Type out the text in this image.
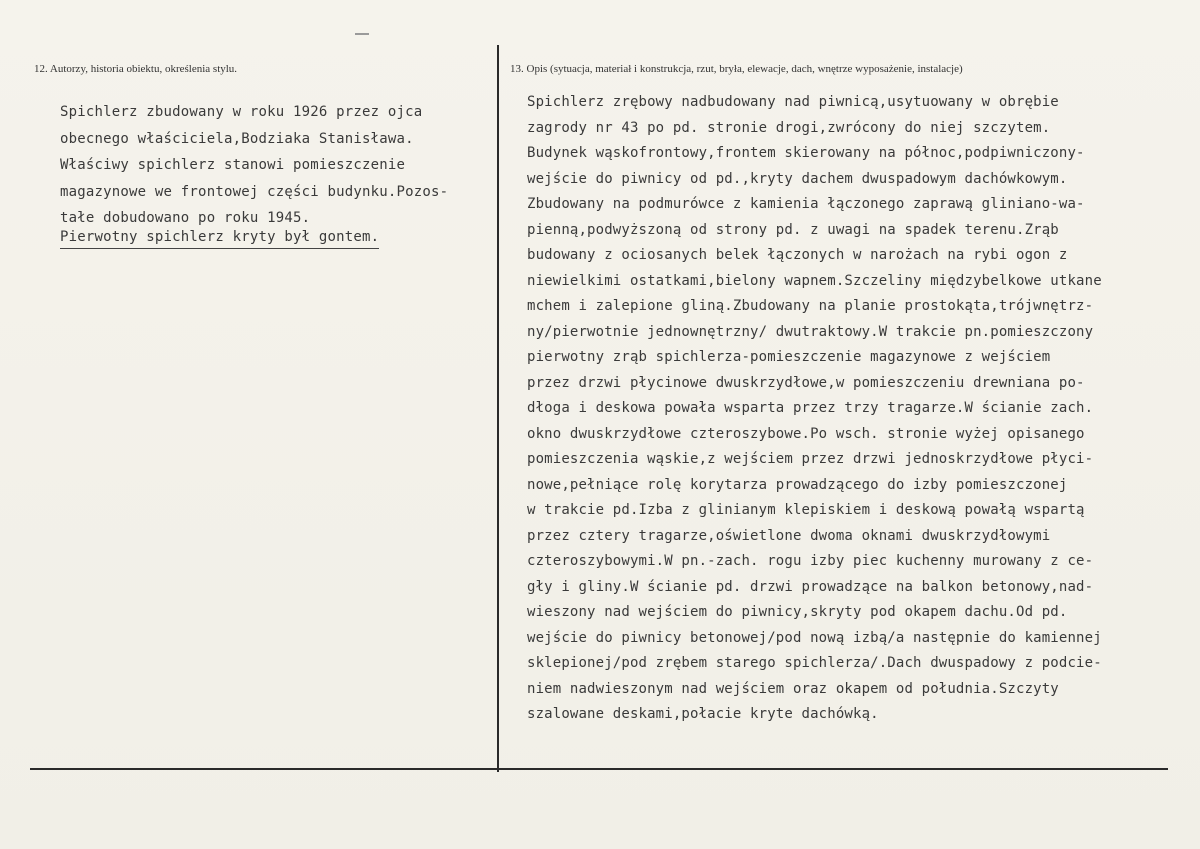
12. Autorzy, historia obiektu, określenia stylu.	13. Opis (sytuacja, materiał i konstrukcja, rzut, bryła, elewacje, dach, wnętrze wyposażenie, instalacje)
Spichlerz zbudowany w roku 1926 przez ojca
obecnego właściciela,Bodziaka Stanisława.
Właściwy spichlerz stanowi pomieszczenie
magazynowe we frontowej części budynku.Pozos-
tałe dobudowano po roku 1945.
Pierwotny spichlerz kryty był gontem.
Spichlerz zrębowy nadbudowany nad piwnicą,usytuowany w obrębie
zagrody nr 43 po pd. stronie drogi,zwrócony do niej szczytem.
Budynek wąskofrontowy,frontem skierowany na północ,podpiwniczony-
wejście do piwnicy od pd.,kryty dachem dwuspadowym dachówkowym.
Zbudowany na podmurówce z kamienia łączonego zaprawą gliniano-wa-
pienną,podwyższoną od strony pd. z uwagi na spadek terenu.Zrąb
budowany z ociosanych belek łączonych w narożach na rybi ogon z
niewielkimi ostatkami,bielony wapnem.Szczeliny międzybelkowe utkane
mchem i zalepione gliną.Zbudowany na planie prostokąta,trójwnętrz-
ny/pierwotnie jednownętrzny/ dwutraktowy.W trakcie pn.pomieszczony
pierwotny zrąb spichlerza-pomieszczenie magazynowe z wejściem
przez drzwi płycinowe dwuskrzydłowe,w pomieszczeniu drewniana po-
dłoga i deskowa powała wsparta przez trzy tragarze.W ścianie zach.
okno dwuskrzydłowe czteroszybowe.Po wsch. stronie wyżej opisanego
pomieszczenia wąskie,z wejściem przez drzwi jednoskrzydłowe płyci-
nowe,pełniące rolę korytarza prowadzącego do izby pomieszczonej
w trakcie pd.Izba z glinianym klepiskiem i deskową powałą wspartą
przez cztery tragarze,oświetlone dwoma oknami dwuskrzydłowymi
czteroszybowymi.W pn.-zach. rogu izby piec kuchenny murowany z ce-
gły i gliny.W ścianie pd. drzwi prowadzące na balkon betonowy,nad-
wieszony nad wejściem do piwnicy,skryty pod okapem dachu.Od pd.
wejście do piwnicy betonowej/pod nową izbą/a następnie do kamiennej
sklepionej/pod zrębem starego spichlerza/.Dach dwuspadowy z podcie-
niem nadwieszonym nad wejściem oraz okapem od południa.Szczyty
szalowane deskami,połacie kryte dachówką.
